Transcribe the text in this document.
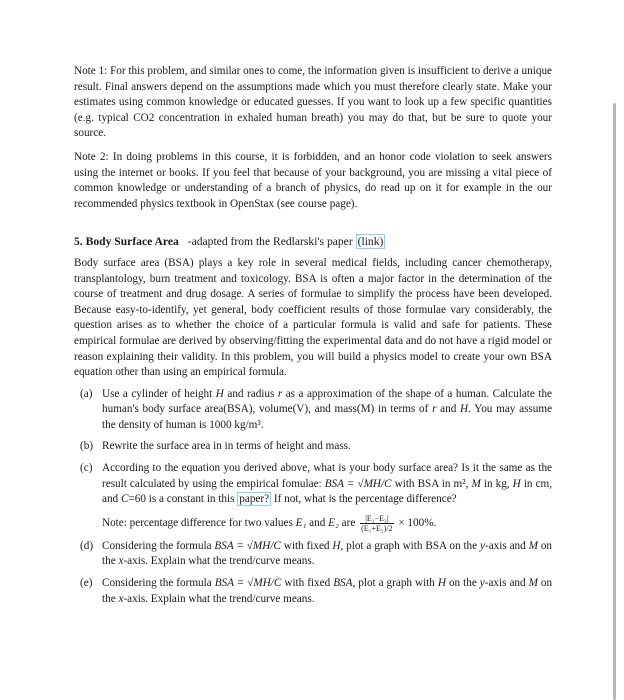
Note 1: For this problem, and similar ones to come, the information given is insufficient to derive a unique result. Final answers depend on the assumptions made which you must therefore clearly state. Make your estimates using common knowledge or educated guesses. If you want to look up a few specific quantities (e.g. typical CO2 concentration in exhaled human breath) you may do that, but be sure to quote your source.

Note 2: In doing problems in this course, it is forbidden, and an honor code violation to seek answers using the internet or books. If you feel that because of your background, you are missing a vital piece of common knowledge or understanding of a branch of physics, do read up on it for example in the our recommended physics textbook in OpenStax (see course page).

5. Body Surface Area -adapted from the Redlarski's paper (link)

Body surface area (BSA) plays a key role in several medical fields, including cancer chemotherapy, transplantology, burn treatment and toxicology. BSA is often a major factor in the determination of the course of treatment and drug dosage. A series of formulae to simplify the process have been developed. Because easy-to-identify, yet general, body coefficient results of those formulae vary considerably, the question arises as to whether the choice of a particular formula is valid and safe for patients. These empirical formulae are derived by observing/fitting the experimental data and do not have a rigid model or reason explaining their validity. In this problem, you will build a physics model to create your own BSA equation other than using an empirical formula.

(a) Use a cylinder of height H and radius r as a approximation of the shape of a human. Calculate the human's body surface area(BSA), volume(V), and mass(M) in terms of r and H. You may assume the density of human is 1000 kg/m³.
(b) Rewrite the surface area in in terms of height and mass.
(c) According to the equation you derived above, what is your body surface area? Is it the same as the result calculated by using the empirical fomulae: BSA = √MH/C with BSA in m², M in kg, H in cm, and C=60 is a constant in this paper? If not, what is the percentage difference?
Note: percentage difference for two values E₁ and E₂ are $\frac{\text{|E₁−E₂|}}{\text{(E₁+E₂)/2}} \times 100\%$.
(d) Considering the formula BSA = √MH/C with fixed H, plot a graph with BSA on the y-axis and M on the x-axis. Explain what the trend/curve means.
(e) Considering the formula BSA = √MH/C with fixed BSA, plot a graph with H on the y-axis and M on the x-axis. Explain what the trend/curve means.
